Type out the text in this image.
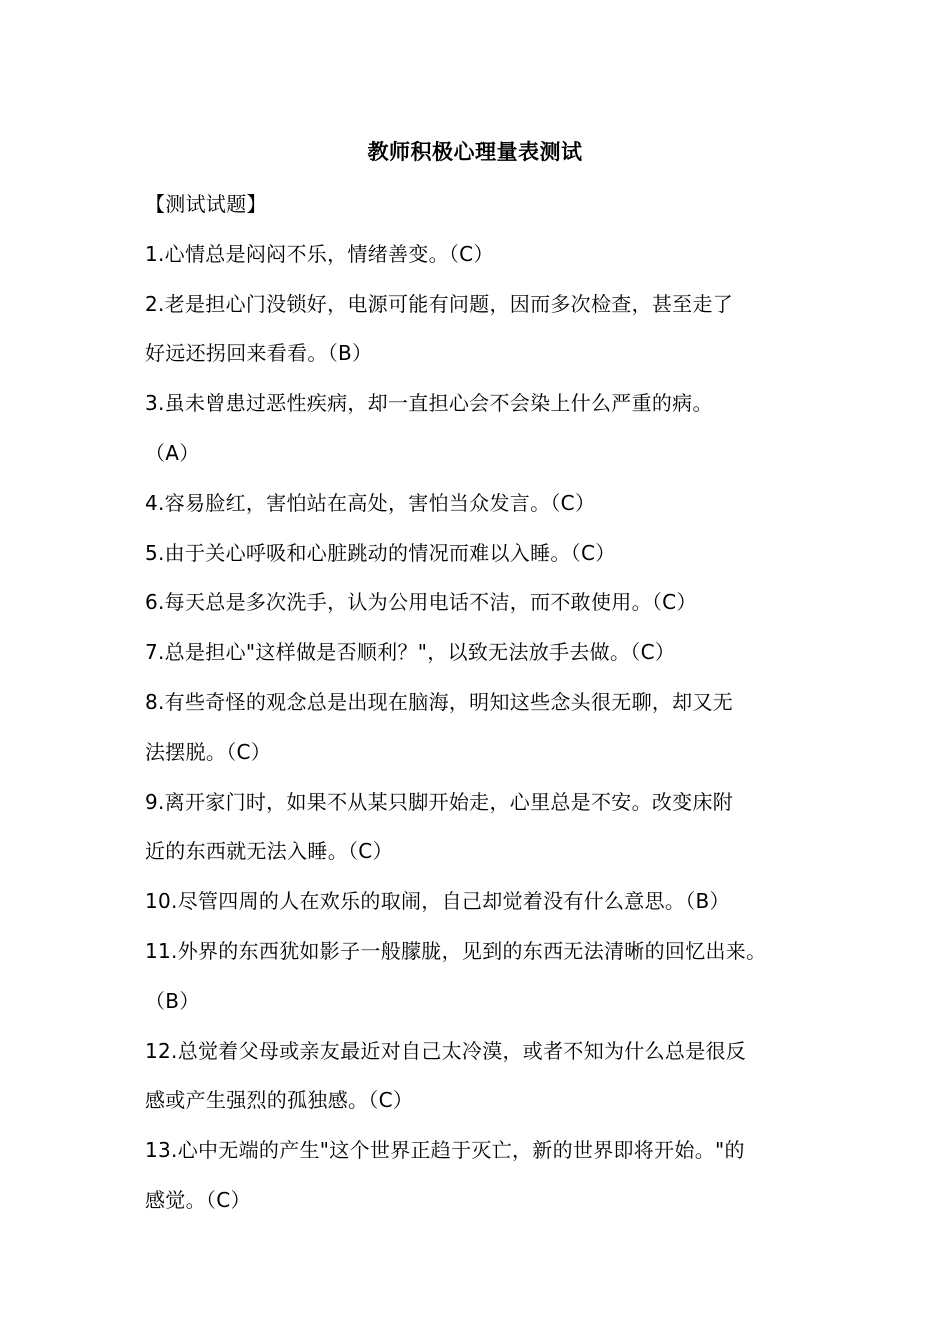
教师积极心理量表测试
【测试试题】
1.心情总是闷闷不乐，情绪善变。（C）
2.老是担心门没锁好，电源可能有问题，因而多次检查，甚至走了
好远还拐回来看看。（B）
3.虽未曾患过恶性疾病，却一直担心会不会染上什么严重的病。
（A）
4.容易脸红，害怕站在高处，害怕当众发言。（C）
5.由于关心呼吸和心脏跳动的情况而难以入睡。（C）
6.每天总是多次洗手，认为公用电话不洁，而不敢使用。（C）
7.总是担心"这样做是否顺利？"，以致无法放手去做。（C）
8.有些奇怪的观念总是出现在脑海，明知这些念头很无聊，却又无
法摆脱。（C）
9.离开家门时，如果不从某只脚开始走，心里总是不安。改变床附
近的东西就无法入睡。（C）
10.尽管四周的人在欢乐的取闹，自己却觉着没有什么意思。（B）
11.外界的东西犹如影子一般朦胧，见到的东西无法清晰的回忆出来。
（B）
12.总觉着父母或亲友最近对自己太冷漠，或者不知为什么总是很反
感或产生强烈的孤独感。（C）
13.心中无端的产生"这个世界正趋于灭亡，新的世界即将开始。"的
感觉。（C）
